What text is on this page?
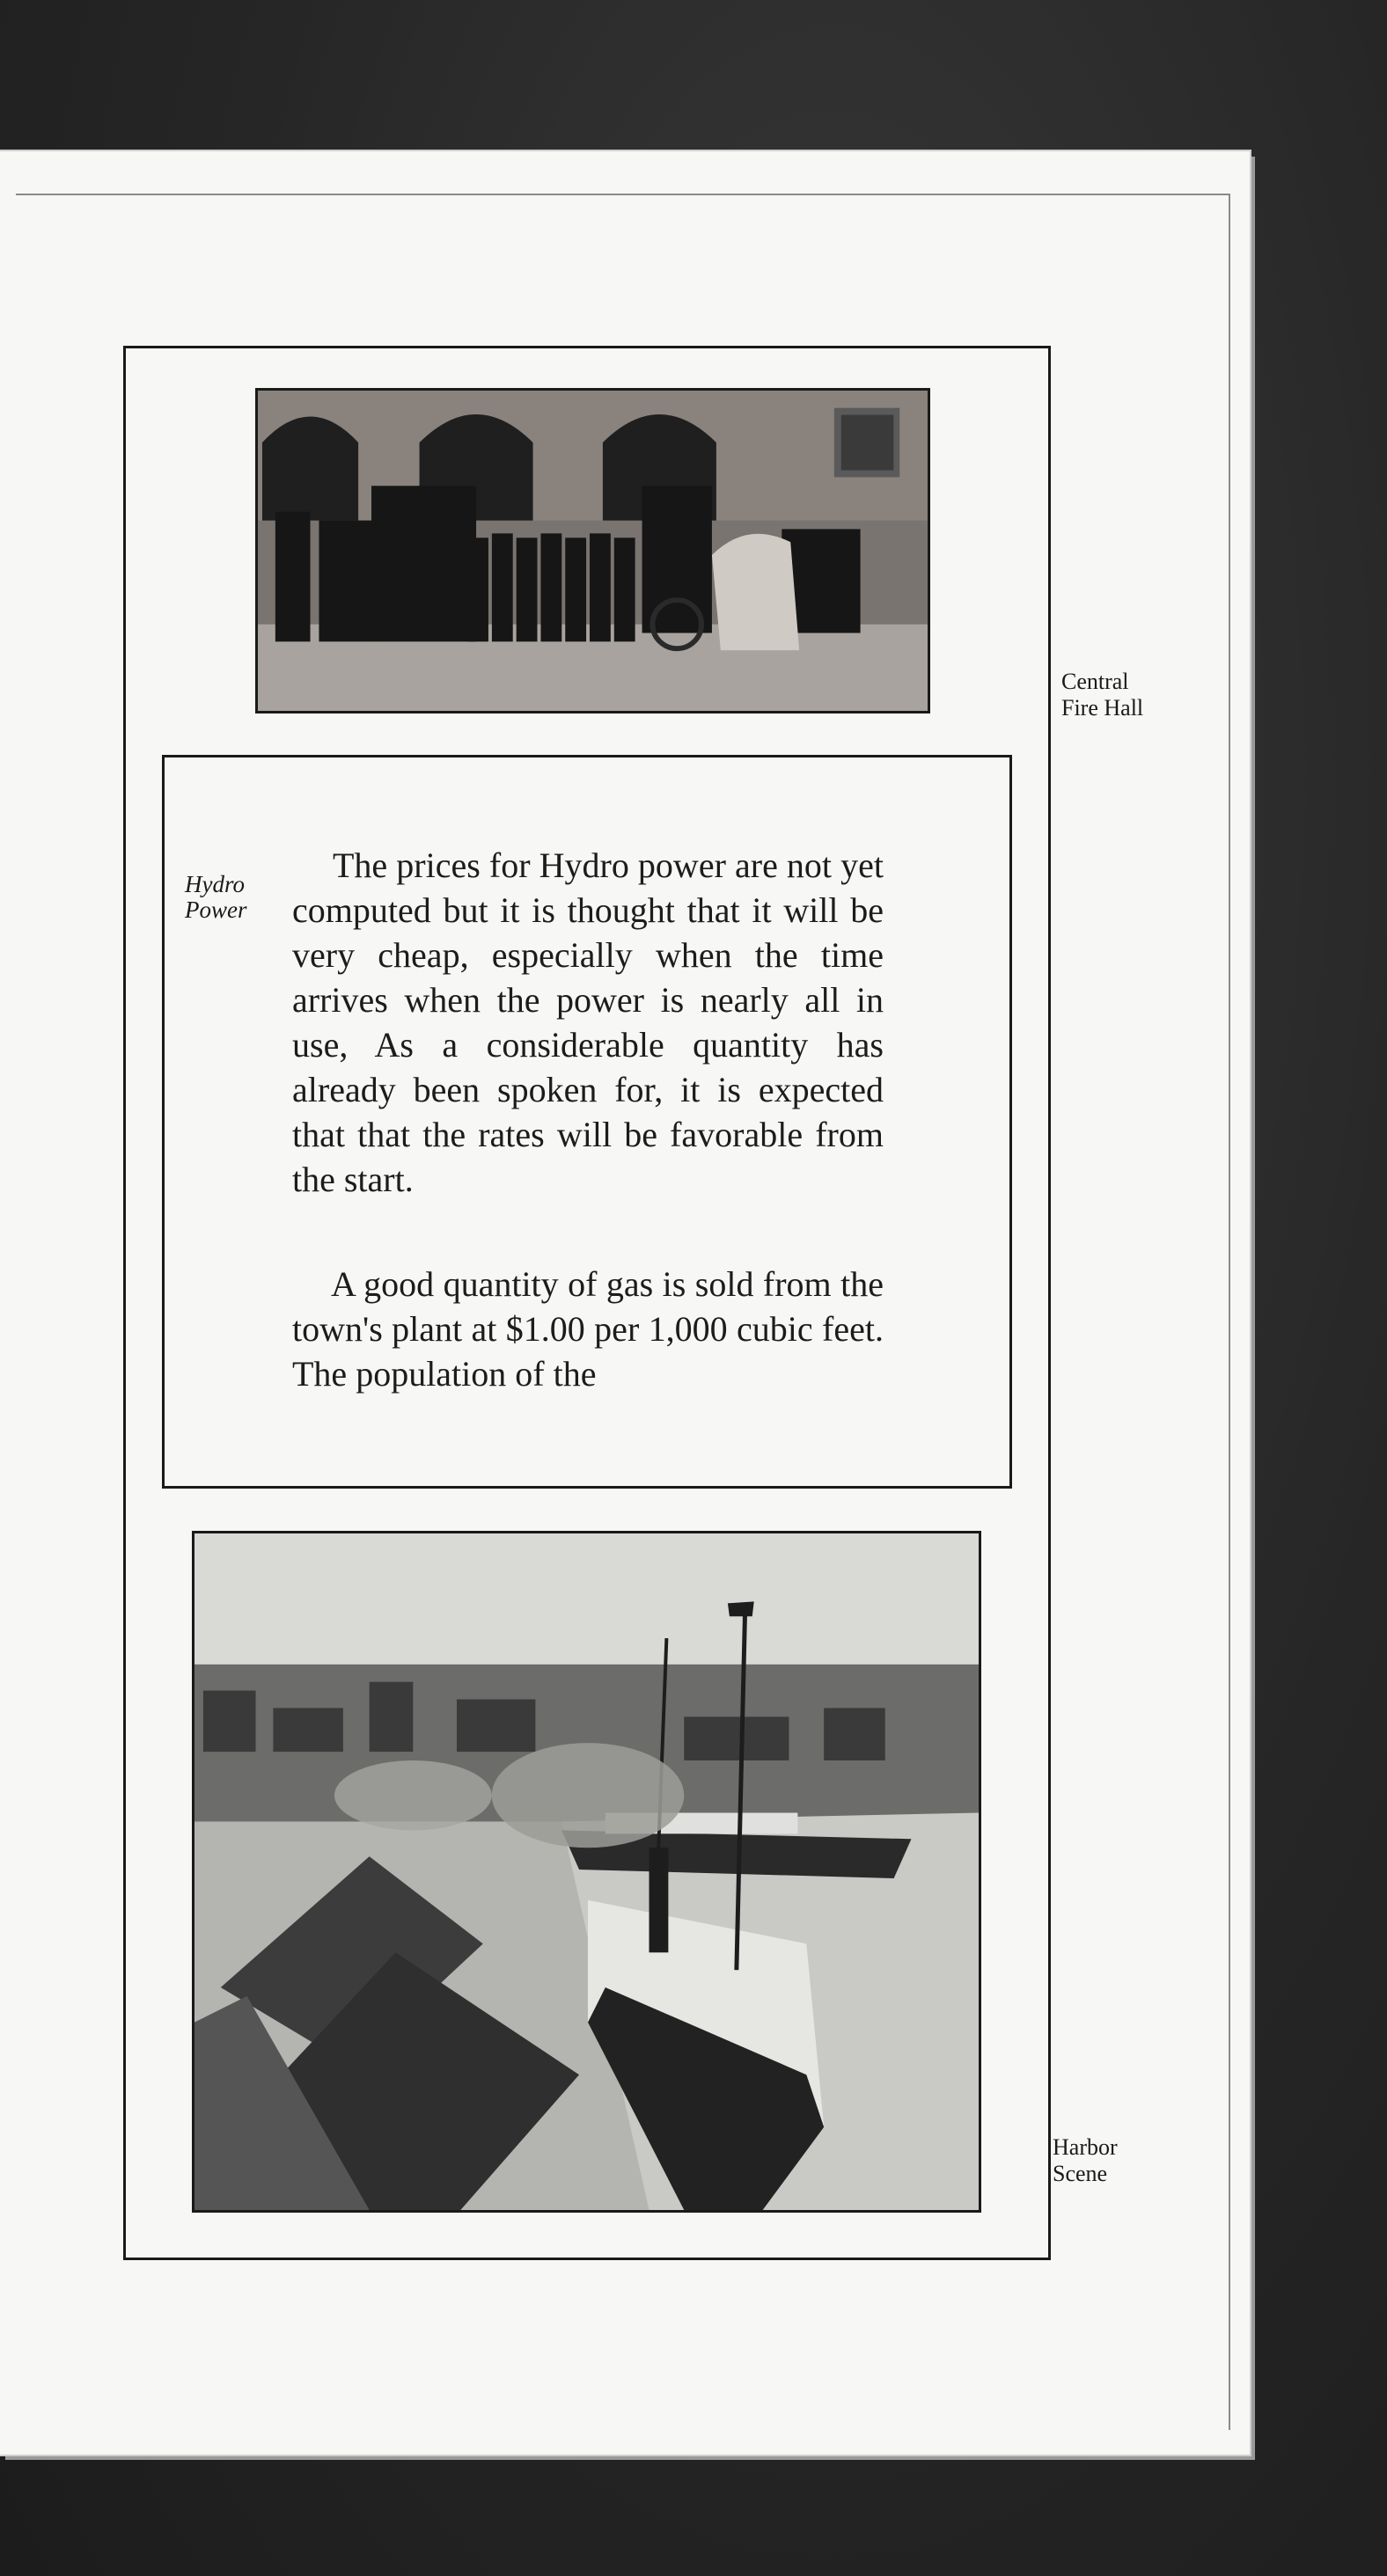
Central
Fire Hall
Hydro
Power

The prices for Hydro power are not yet computed but it is thought that it will be very cheap, especially when the time arrives when the power is nearly all in use, As a considerable quantity has already been spoken for, it is expected that that the rates will be favorable from the start.

A good quantity of gas is sold from the town's plant at $1.00 per 1,000 cubic feet. The population of the

Harbor
Scene
